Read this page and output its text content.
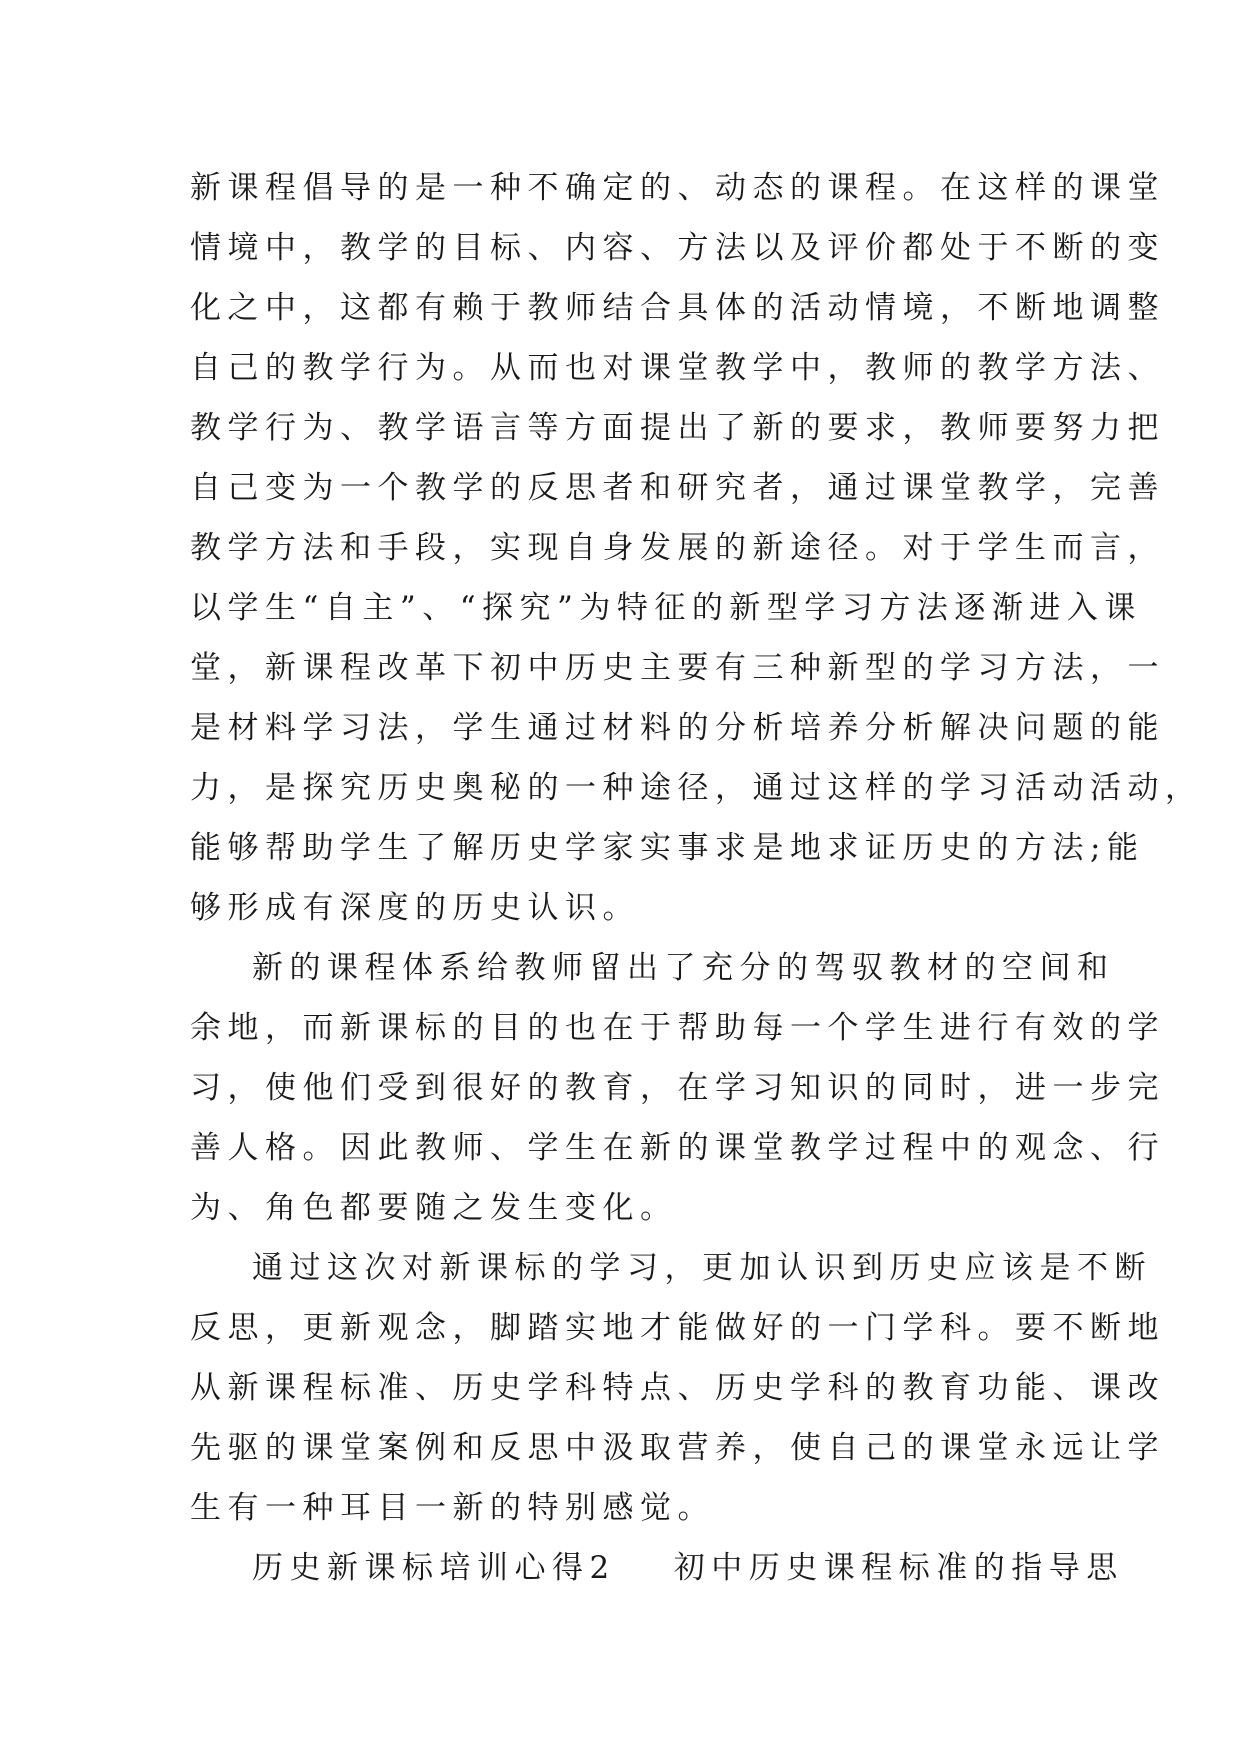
新课程倡导的是一种不确定的、动态的课程。在这样的课堂
情境中，教学的目标、内容、方法以及评价都处于不断的变
化之中，这都有赖于教师结合具体的活动情境，不断地调整
自己的教学行为。从而也对课堂教学中，教师的教学方法、
教学行为、教学语言等方面提出了新的要求，教师要努力把
自己变为一个教学的反思者和研究者，通过课堂教学，完善
教学方法和手段，实现自身发展的新途径。对于学生而言，
以学生“自主”、“探究”为特征的新型学习方法逐渐进入课
堂，新课程改革下初中历史主要有三种新型的学习方法，一
是材料学习法，学生通过材料的分析培养分析解决问题的能
力，是探究历史奥秘的一种途径，通过这样的学习活动活动，
能够帮助学生了解历史学家实事求是地求证历史的方法;能
够形成有深度的历史认识。
新的课程体系给教师留出了充分的驾驭教材的空间和
余地，而新课标的目的也在于帮助每一个学生进行有效的学
习，使他们受到很好的教育，在学习知识的同时，进一步完
善人格。因此教师、学生在新的课堂教学过程中的观念、行
为、角色都要随之发生变化。
通过这次对新课标的学习，更加认识到历史应该是不断
反思，更新观念，脚踏实地才能做好的一门学科。要不断地
从新课程标准、历史学科特点、历史学科的教育功能、课改
先驱的课堂案例和反思中汲取营养，使自己的课堂永远让学
生有一种耳目一新的特别感觉。
历史新课标培训心得2 初中历史课程标准的指导思
